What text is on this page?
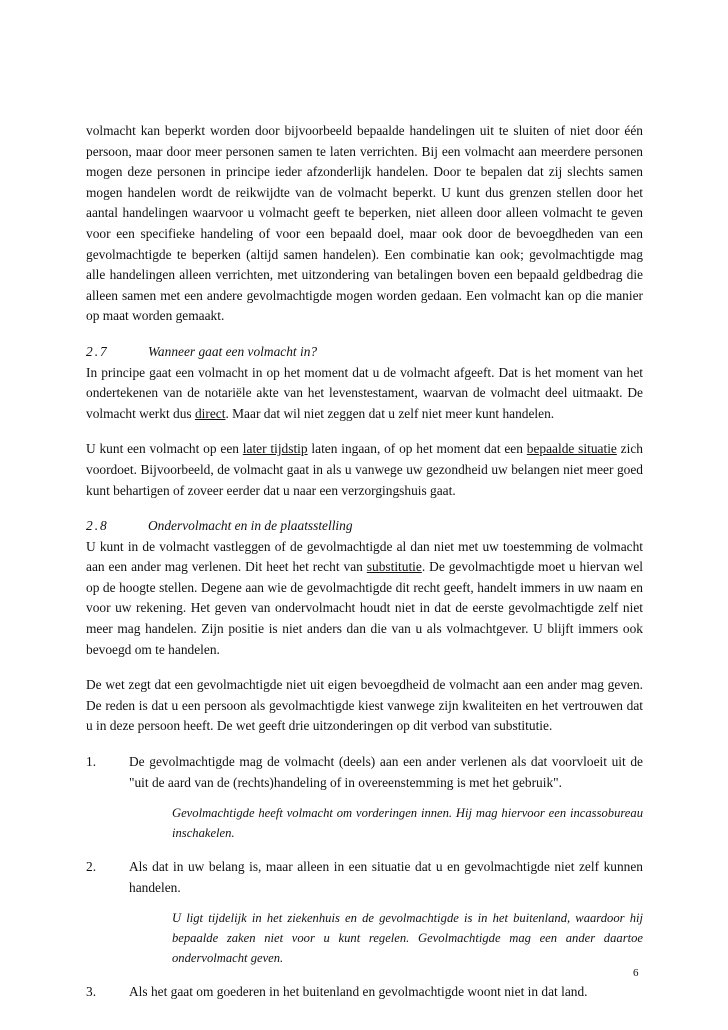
volmacht kan beperkt worden door bijvoorbeeld bepaalde handelingen uit te sluiten of niet door één persoon, maar door meer personen samen te laten verrichten. Bij een volmacht aan meerdere personen mogen deze personen in principe ieder afzonderlijk handelen. Door te bepalen dat zij slechts samen mogen handelen wordt de reikwijdte van de volmacht beperkt. U kunt dus grenzen stellen door het aantal handelingen waarvoor u volmacht geeft te beperken, niet alleen door alleen volmacht te geven voor een specifieke handeling of voor een bepaald doel, maar ook door de bevoegdheden van een gevolmachtigde te beperken (altijd samen handelen). Een combinatie kan ook; gevolmachtigde mag alle handelingen alleen verrichten, met uitzondering van betalingen boven een bepaald geldbedrag die alleen samen met een andere gevolmachtigde mogen worden gedaan. Een volmacht kan op die manier op maat worden gemaakt.

2.7	Wanneer gaat een volmacht in?

In principe gaat een volmacht in op het moment dat u de volmacht afgeeft. Dat is het moment van het ondertekenen van de notariële akte van het levenstestament, waarvan de volmacht deel uitmaakt. De volmacht werkt dus direct. Maar dat wil niet zeggen dat u zelf niet meer kunt handelen.

U kunt een volmacht op een later tijdstip laten ingaan, of op het moment dat een bepaalde situatie zich voordoet. Bijvoorbeeld, de volmacht gaat in als u vanwege uw gezondheid uw belangen niet meer goed kunt behartigen of zoveer eerder dat u naar een verzorgingshuis gaat.

2.8	Ondervolmacht en in de plaatsstelling

U kunt in de volmacht vastleggen of de gevolmachtigde al dan niet met uw toestemming de volmacht aan een ander mag verlenen. Dit heet het recht van substitutie. De gevolmachtigde moet u hiervan wel op de hoogte stellen. Degene aan wie de gevolmachtigde dit recht geeft, handelt immers in uw naam en voor uw rekening. Het geven van ondervolmacht houdt niet in dat de eerste gevolmachtigde zelf niet meer mag handelen. Zijn positie is niet anders dan die van u als volmachtgever. U blijft immers ook bevoegd om te handelen.

De wet zegt dat een gevolmachtigde niet uit eigen bevoegdheid de volmacht aan een ander mag geven. De reden is dat u een persoon als gevolmachtigde kiest vanwege zijn kwaliteiten en het vertrouwen dat u in deze persoon heeft. De wet geeft drie uitzonderingen op dit verbod van substitutie.

1.	De gevolmachtigde mag de volmacht (deels) aan een ander verlenen als dat voorvloeit uit de "uit de aard van de (rechts)handeling of in overeenstemming is met het gebruik".

Gevolmachtigde heeft volmacht om vorderingen innen. Hij mag hiervoor een incassobureau inschakelen.

2.	Als dat in uw belang is, maar alleen in een situatie dat u en gevolmachtigde niet zelf kunnen handelen.

U ligt tijdelijk in het ziekenhuis en de gevolmachtigde is in het buitenland, waardoor hij bepaalde zaken niet voor u kunt regelen. Gevolmachtigde mag een ander daartoe ondervolmacht geven.

3.	Als het gaat om goederen in het buitenland en gevolmachtigde woont niet in dat land.
6
